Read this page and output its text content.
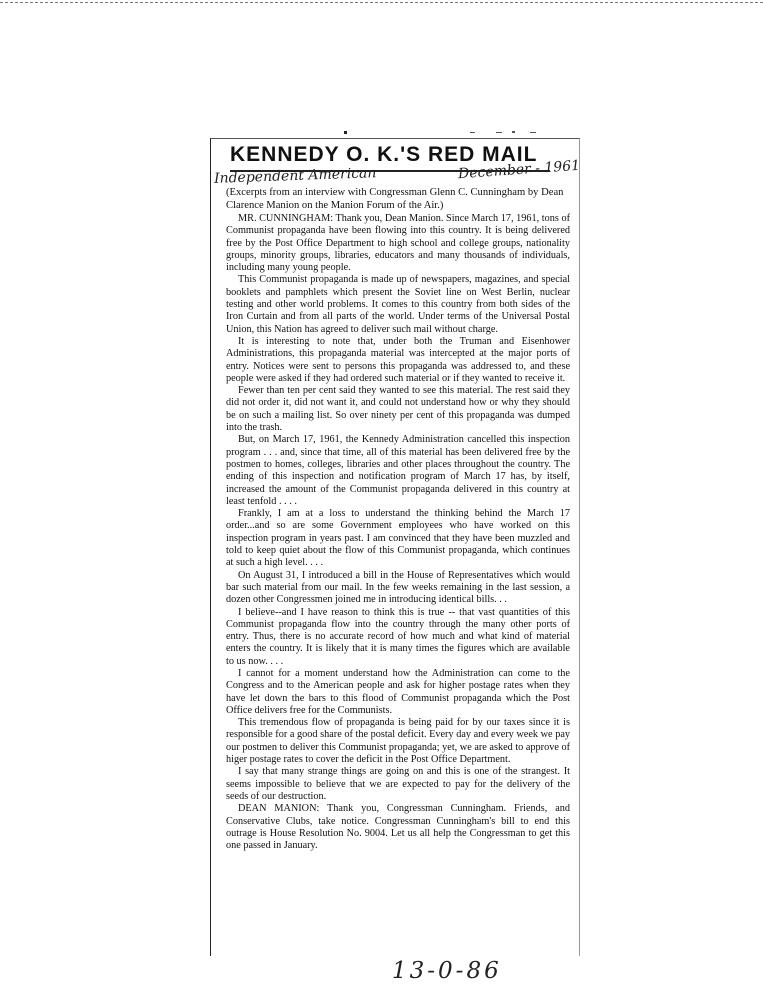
KENNEDY O. K.'S RED MAIL
Independent American	December - 1961
(Excerpts from an interview with Congressman Glenn C. Cunningham by Dean Clarence Manion on the Manion Forum of the Air.)

MR. CUNNINGHAM: Thank you, Dean Manion. Since March 17, 1961, tons of Communist propaganda have been flowing into this country. It is being delivered free by the Post Office Department to high school and college groups, nationality groups, minority groups, libraries, educators and many thousands of individuals, including many young people.

This Communist propaganda is made up of newspapers, magazines, and special booklets and pamphlets which present the Soviet line on West Berlin, nuclear testing and other world problems. It comes to this country from both sides of the Iron Curtain and from all parts of the world. Under terms of the Universal Postal Union, this Nation has agreed to deliver such mail without charge.

It is interesting to note that, under both the Truman and Eisenhower Administrations, this propaganda material was intercepted at the major ports of entry. Notices were sent to persons this propaganda was addressed to, and these people were asked if they had ordered such material or if they wanted to receive it.

Fewer than ten per cent said they wanted to see this material. The rest said they did not order it, did not want it, and could not understand how or why they should be on such a mailing list. So over ninety per cent of this propaganda was dumped into the trash.

But, on March 17, 1961, the Kennedy Administration cancelled this inspection program . . . and, since that time, all of this material has been delivered free by the postmen to homes, colleges, libraries and other places throughout the country. The ending of this inspection and notification program of March 17 has, by itself, increased the amount of the Communist propaganda delivered in this country at least tenfold . . . .

Frankly, I am at a loss to understand the thinking behind the March 17 order...and so are some Government employees who have worked on this inspection program in years past. I am convinced that they have been muzzled and told to keep quiet about the flow of this Communist propaganda, which continues at such a high level. . . .

On August 31, I introduced a bill in the House of Representatives which would bar such material from our mail. In the few weeks remaining in the last session, a dozen other Congressmen joined me in introducing identical bills. . .

I believe--and I have reason to think this is true -- that vast quantities of this Communist propaganda flow into the country through the many other ports of entry. Thus, there is no accurate record of how much and what kind of material enters the country. It is likely that it is many times the figures which are available to us now. . . .

I cannot for a moment understand how the Administration can come to the Congress and to the American people and ask for higher postage rates when they have let down the bars to this flood of Communist propaganda which the Post Office delivers free for the Communists.

This tremendous flow of propaganda is being paid for by our taxes since it is responsible for a good share of the postal deficit. Every day and every week we pay our postmen to deliver this Communist propaganda; yet, we are asked to approve of higer postage rates to cover the deficit in the Post Office Department.

I say that many strange things are going on and this is one of the strangest. It seems impossible to believe that we are expected to pay for the delivery of the seeds of our destruction.

DEAN MANION: Thank you, Congressman Cunningham. Friends, and Conservative Clubs, take notice. Congressman Cunningham's bill to end this outrage is House Resolution No. 9004. Let us all help the Congressman to get this one passed in January.

13-0-86
